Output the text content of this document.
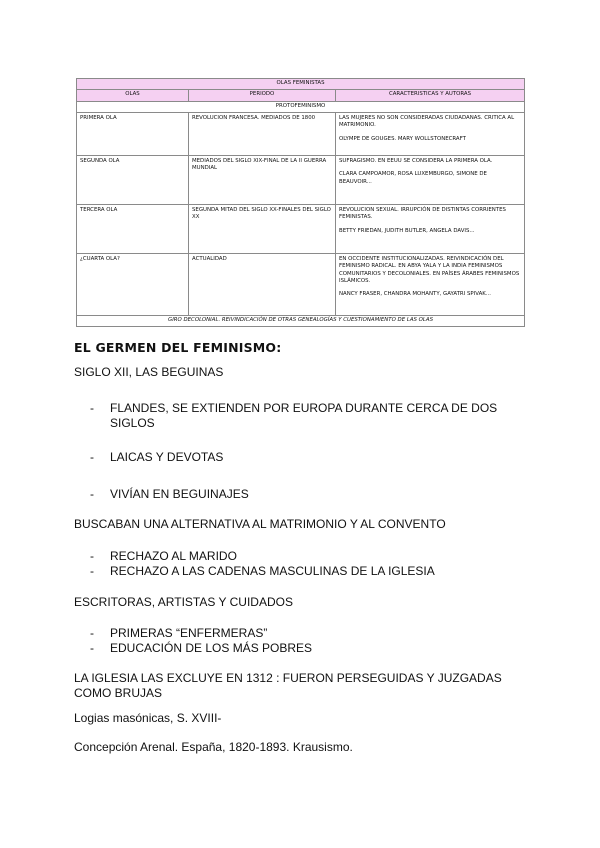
OLAS FEMINISTAS		
OLAS	PERIODO	CARACTERISTICAS Y AUTORAS
PROTOFEMINISMO		
PRIMERA OLA	REVOLUCION FRANCESA. MEDIADOS DE 1800	LAS MUJERES NO SON CONSIDERADAS CIUDADANAS. CRITICA AL MATRIMONIO.

OLYMPE DE GOUGES. MARY WOLLSTONECRAFT

SEGUNDA OLA	MEDIADOS DEL SIGLO XIX-FINAL DE LA II GUERRA MUNDIAL	SUFRAGISMO. EN EEUU SE CONSIDERA LA PRIMERA OLA.

CLARA CAMPOAMOR, ROSA LUXEMBURGO, SIMONE DE BEAUVOIR...

TERCERA OLA	SEGUNDA MITAD DEL SIGLO XX-FINALES DEL SIGLO XX	REVOLUCION SEXUAL. IRRUPCIÓN DE DISTINTAS CORRIENTES FEMINISTAS.

BETTY FRIEDAN, JUDITH BUTLER, ANGELA DAVIS...

¿CUARTA OLA?	ACTUALIDAD	EN OCCIDENTE INSTITUCIONALIZADAS. REIVINDICACIÓN DEL FEMINISMO RADICAL. EN ABYA YALA Y LA INDIA FEMINISMOS COMUNITARIOS Y DECOLONIALES. EN PAÍSES ÁRABES FEMINISMOS ISLÁMICOS.

NANCY FRASER, CHANDRA MOHANTY, GAYATRI SPIVAK...

GIRO DECOLONIAL. REIVINDICACIÓN DE OTRAS GENEALOGÍAS Y CUESTIONAMIENTO DE LAS OLAS		
EL GERMEN DEL FEMINISMO:

SIGLO XII, LAS BEGUINAS

- FLANDES, SE EXTIENDEN POR EUROPA DURANTE CERCA DE DOS SIGLOS
- LAICAS Y DEVOTAS
- VIVÍAN EN BEGUINAJES

BUSCABAN UNA ALTERNATIVA AL MATRIMONIO Y AL CONVENTO

- RECHAZO AL MARIDO
- RECHAZO A LAS CADENAS MASCULINAS DE LA IGLESIA

ESCRITORAS, ARTISTAS Y CUIDADOS

- PRIMERAS “ENFERMERAS”
- EDUCACIÓN DE LOS MÁS POBRES

LA IGLESIA LAS EXCLUYE EN 1312 : FUERON PERSEGUIDAS Y JUZGADAS COMO BRUJAS

Logias masónicas, S. XVIII-

Concepción Arenal. España, 1820-1893. Krausismo.
